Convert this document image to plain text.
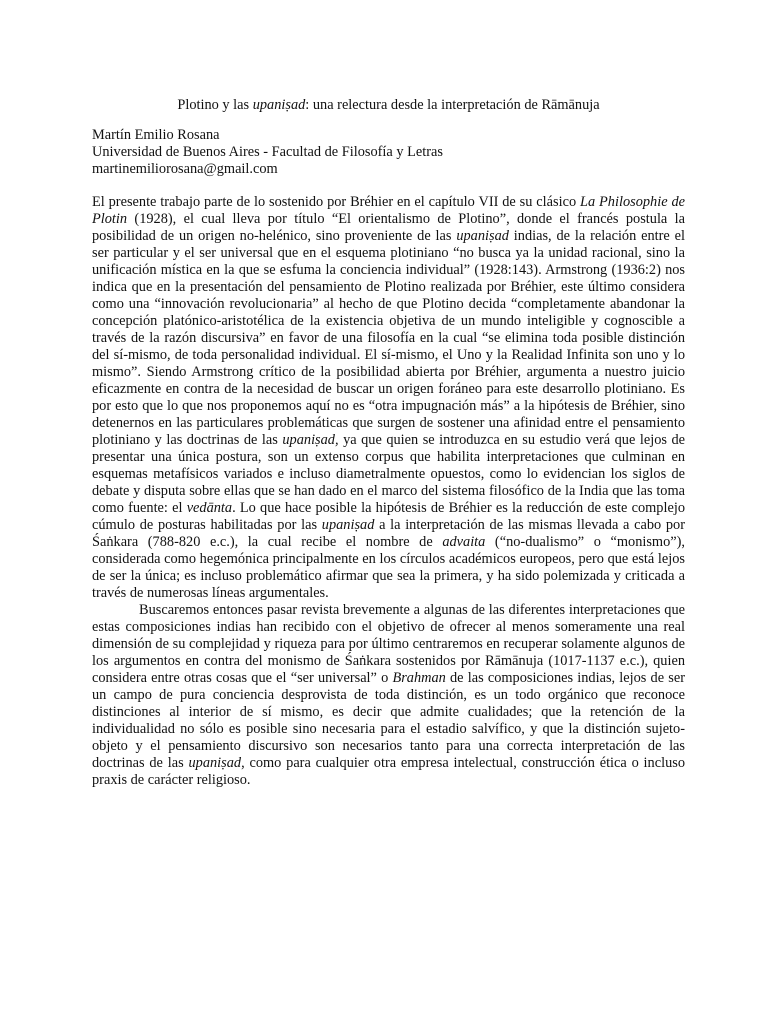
Plotino y las upaniṣad: una relectura desde la interpretación de Rāmānuja
Martín Emilio Rosana
Universidad de Buenos Aires - Facultad de Filosofía y Letras
martinemiliorosana@gmail.com

El presente trabajo parte de lo sostenido por Bréhier en el capítulo VII de su clásico La Philosophie de Plotin (1928), el cual lleva por título “El orientalismo de Plotino”, donde el francés postula la posibilidad de un origen no-helénico, sino proveniente de las upaniṣad indias, de la relación entre el ser particular y el ser universal que en el esquema plotiniano “no busca ya la unidad racional, sino la unificación mística en la que se esfuma la conciencia individual” (1928:143). Armstrong (1936:2) nos indica que en la presentación del pensamiento de Plotino realizada por Bréhier, este último considera como una “innovación revolucionaria” al hecho de que Plotino decida “completamente abandonar la concepción platónico-aristotélica de la existencia objetiva de un mundo inteligible y cognoscible a través de la razón discursiva” en favor de una filosofía en la cual “se elimina toda posible distinción del sí-mismo, de toda personalidad individual. El sí-mismo, el Uno y la Realidad Infinita son uno y lo mismo”. Siendo Armstrong crítico de la posibilidad abierta por Bréhier, argumenta a nuestro juicio eficazmente en contra de la necesidad de buscar un origen foráneo para este desarrollo plotiniano. Es por esto que lo que nos proponemos aquí no es “otra impugnación más” a la hipótesis de Bréhier, sino detenernos en las particulares problemáticas que surgen de sostener una afinidad entre el pensamiento plotiniano y las doctrinas de las upaniṣad, ya que quien se introduzca en su estudio verá que lejos de presentar una única postura, son un extenso corpus que habilita interpretaciones que culminan en esquemas metafísicos variados e incluso diametralmente opuestos, como lo evidencian los siglos de debate y disputa sobre ellas que se han dado en el marco del sistema filosófico de la India que las toma como fuente: el vedānta. Lo que hace posible la hipótesis de Bréhier es la reducción de este complejo cúmulo de posturas habilitadas por las upaniṣad a la interpretación de las mismas llevada a cabo por Śaṅkara (788-820 e.c.), la cual recibe el nombre de advaita (“no-dualismo” o “monismo”), considerada como hegemónica principalmente en los círculos académicos europeos, pero que está lejos de ser la única; es incluso problemático afirmar que sea la primera, y ha sido polemizada y criticada a través de numerosas líneas argumentales.

Buscaremos entonces pasar revista brevemente a algunas de las diferentes interpretaciones que estas composiciones indias han recibido con el objetivo de ofrecer al menos someramente una real dimensión de su complejidad y riqueza para por último centraremos en recuperar solamente algunos de los argumentos en contra del monismo de Śaṅkara sostenidos por Rāmānuja (1017-1137 e.c.), quien considera entre otras cosas que el “ser universal” o Brahman de las composiciones indias, lejos de ser un campo de pura conciencia desprovista de toda distinción, es un todo orgánico que reconoce distinciones al interior de sí mismo, es decir que admite cualidades; que la retención de la individualidad no sólo es posible sino necesaria para el estadio salvífico, y que la distinción sujeto-objeto y el pensamiento discursivo son necesarios tanto para una correcta interpretación de las doctrinas de las upaniṣad, como para cualquier otra empresa intelectual, construcción ética o incluso praxis de carácter religioso.
